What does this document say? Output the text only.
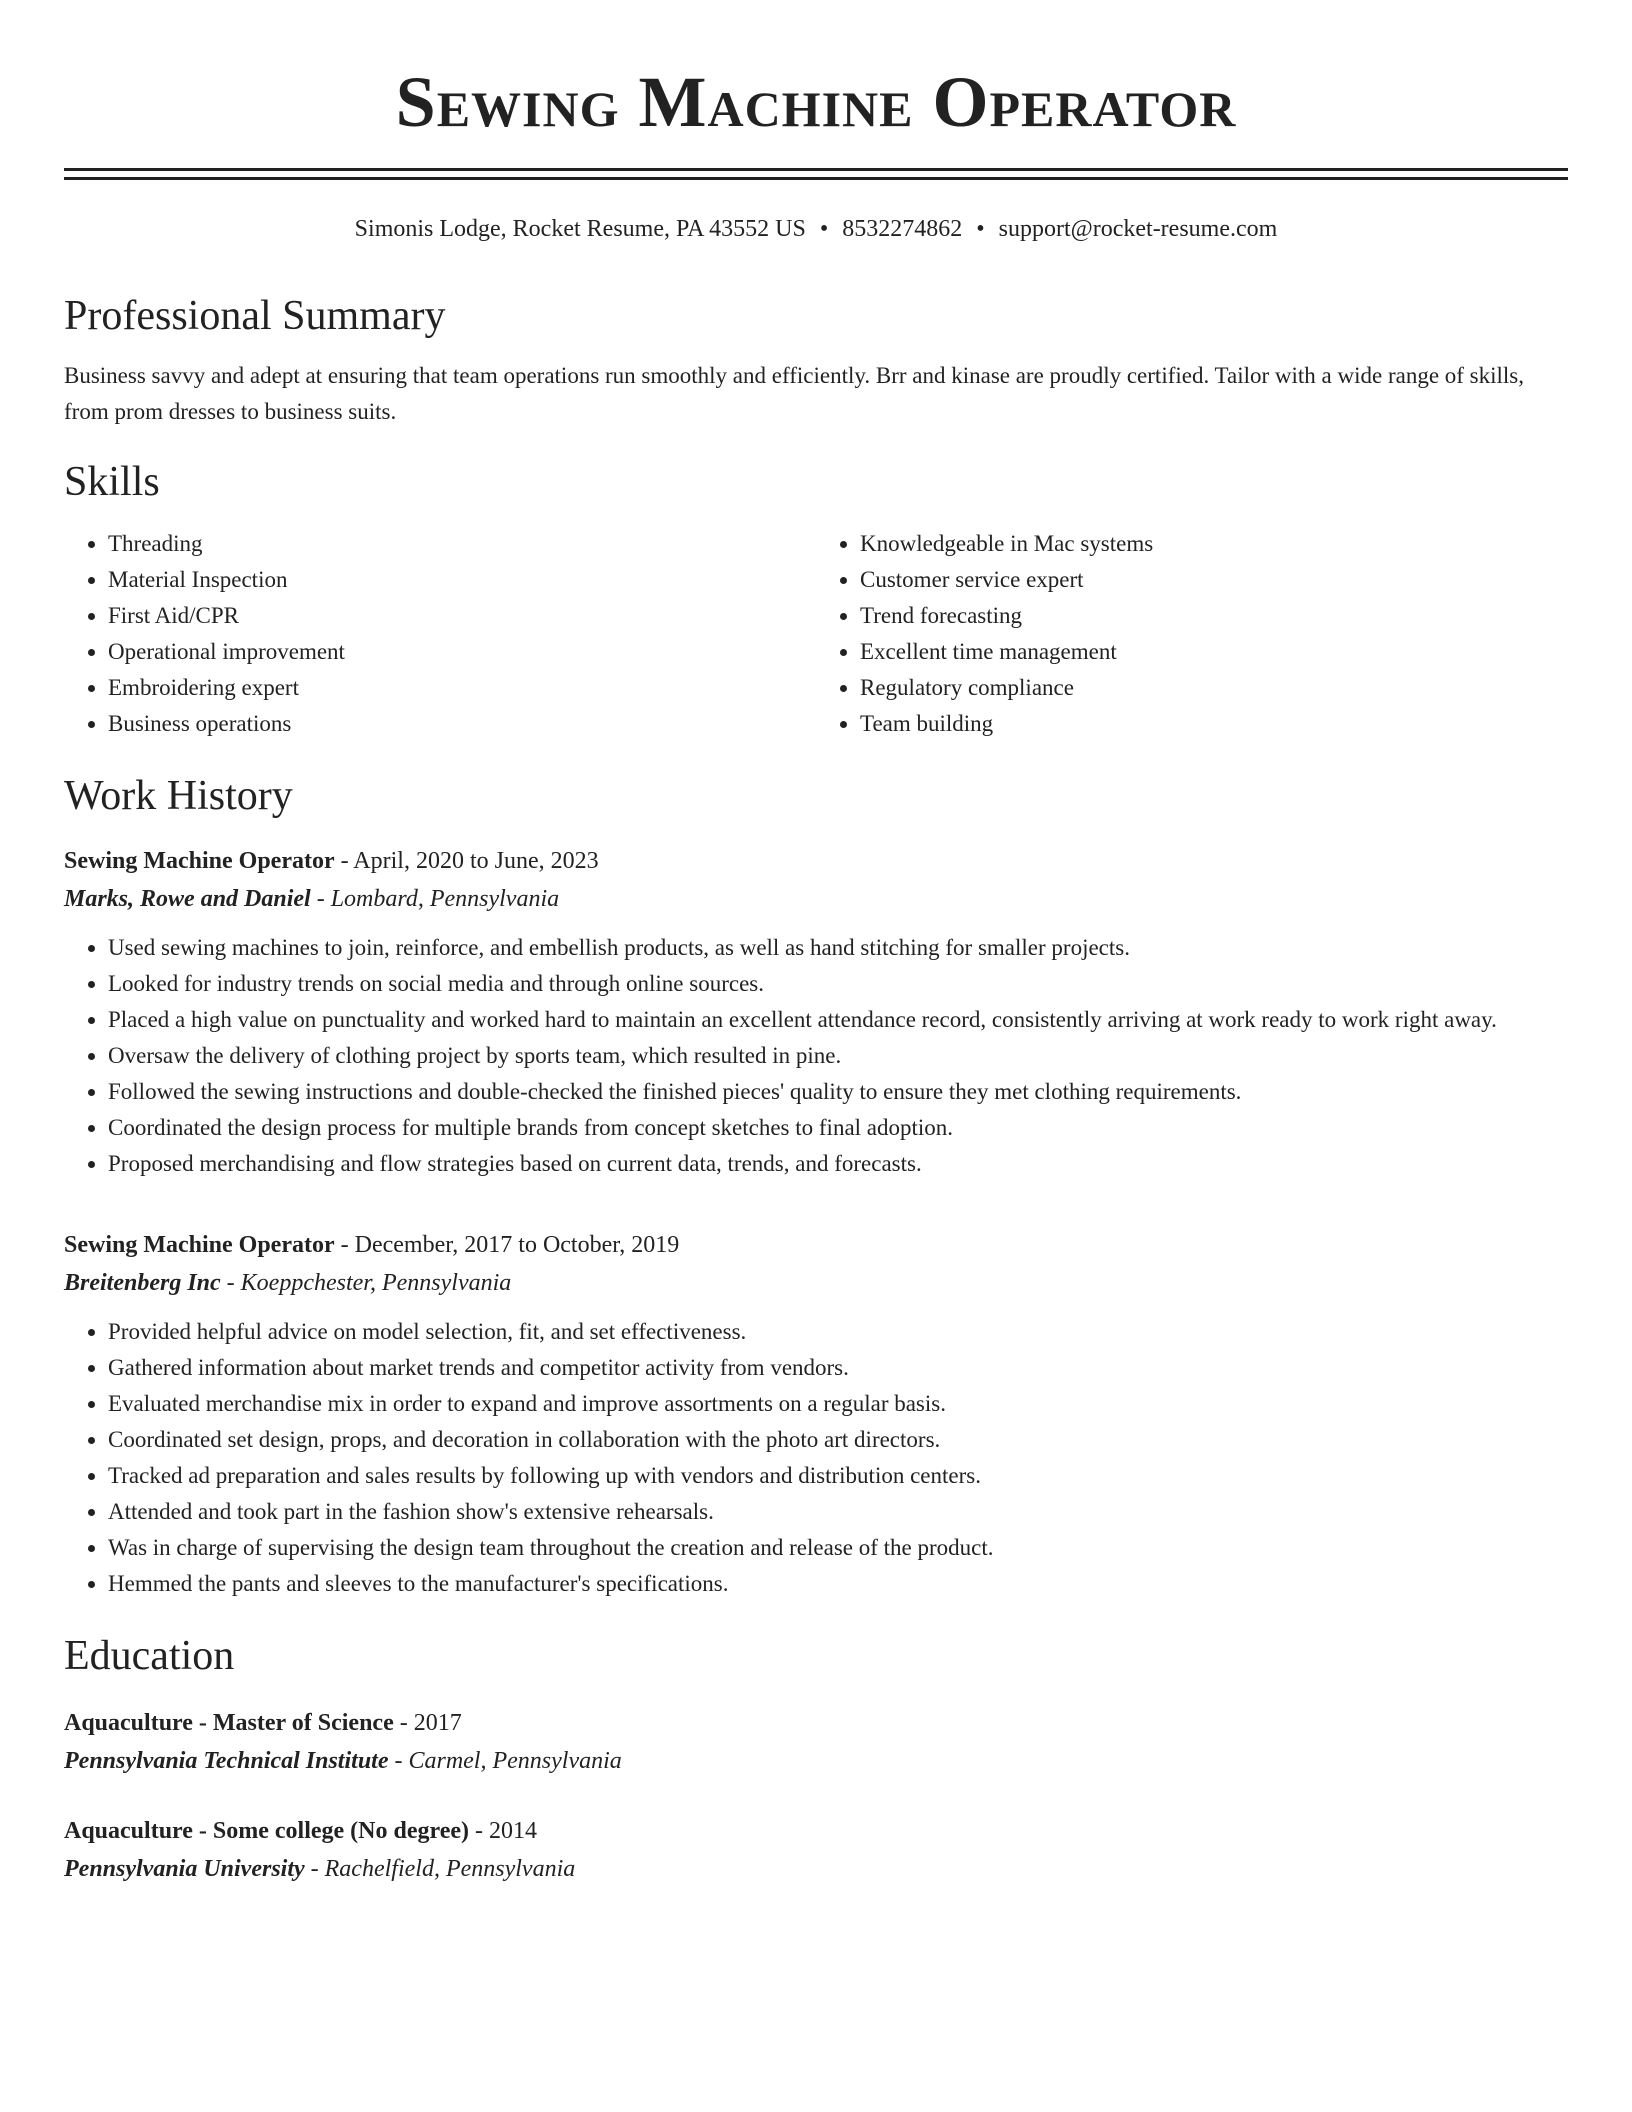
Sewing Machine Operator
Simonis Lodge, Rocket Resume, PA 43552 US • 8532274862 • support@rocket-resume.com
Professional Summary

Business savvy and adept at ensuring that team operations run smoothly and efficiently. Brr and kinase are proudly certified. Tailor with a wide range of skills, from prom dresses to business suits.

Skills
• Threading
• Material Inspection
• First Aid/CPR
• Operational improvement
• Embroidering expert
• Business operations
• Knowledgeable in Mac systems
• Customer service expert
• Trend forecasting
• Excellent time management
• Regulatory compliance
• Team building
Work History
Sewing Machine Operator - April, 2020 to June, 2023
Marks, Rowe and Daniel - Lombard, Pennsylvania
• Used sewing machines to join, reinforce, and embellish products, as well as hand stitching for smaller projects.
• Looked for industry trends on social media and through online sources.
• Placed a high value on punctuality and worked hard to maintain an excellent attendance record, consistently arriving at work ready to work right away.
• Oversaw the delivery of clothing project by sports team, which resulted in pine.
• Followed the sewing instructions and double-checked the finished pieces' quality to ensure they met clothing requirements.
• Coordinated the design process for multiple brands from concept sketches to final adoption.
• Proposed merchandising and flow strategies based on current data, trends, and forecasts.
Sewing Machine Operator - December, 2017 to October, 2019
Breitenberg Inc - Koeppchester, Pennsylvania
• Provided helpful advice on model selection, fit, and set effectiveness.
• Gathered information about market trends and competitor activity from vendors.
• Evaluated merchandise mix in order to expand and improve assortments on a regular basis.
• Coordinated set design, props, and decoration in collaboration with the photo art directors.
• Tracked ad preparation and sales results by following up with vendors and distribution centers.
• Attended and took part in the fashion show's extensive rehearsals.
• Was in charge of supervising the design team throughout the creation and release of the product.
• Hemmed the pants and sleeves to the manufacturer's specifications.
Education
Aquaculture - Master of Science - 2017
Pennsylvania Technical Institute - Carmel, Pennsylvania
Aquaculture - Some college (No degree) - 2014
Pennsylvania University - Rachelfield, Pennsylvania
